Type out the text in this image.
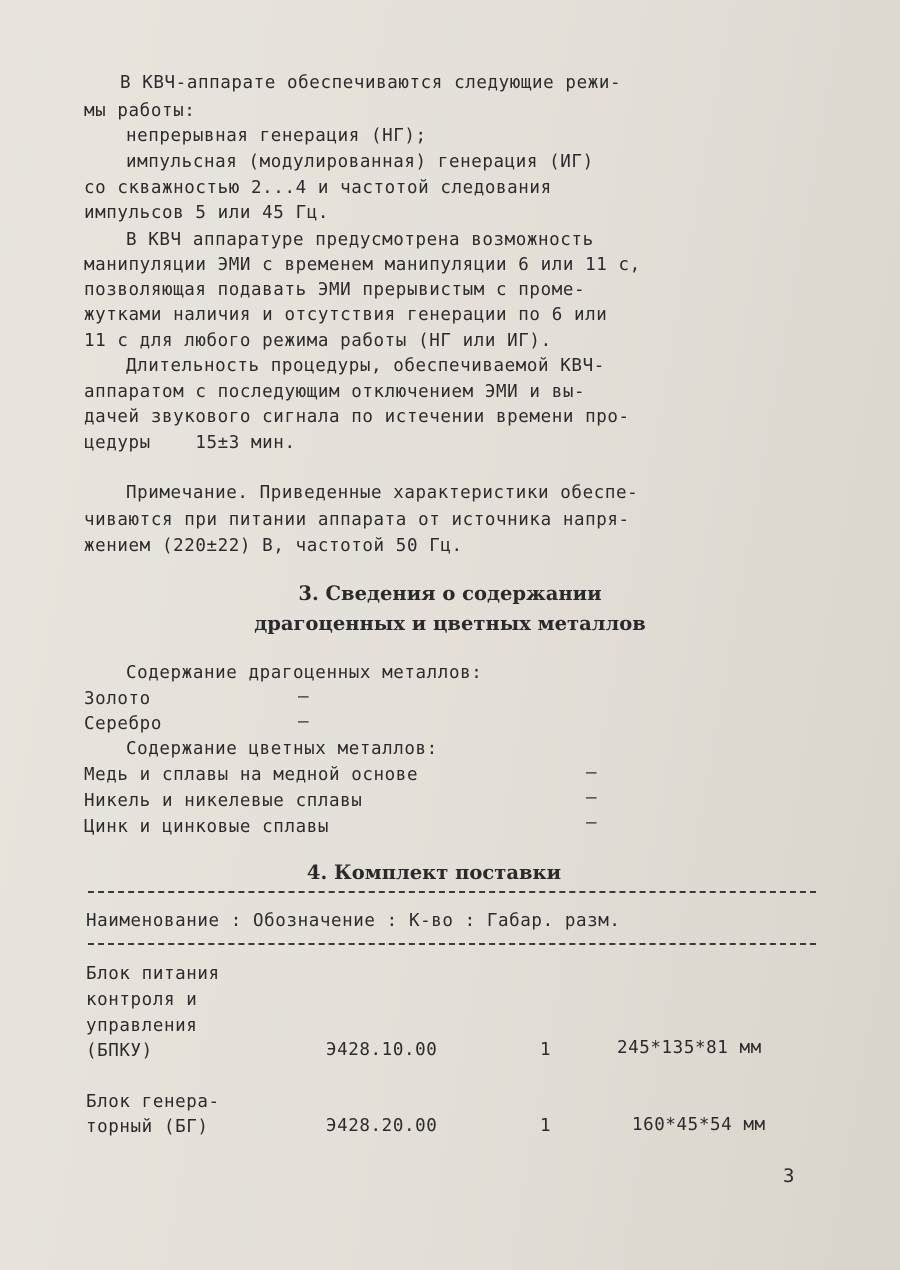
В КВЧ-аппарате обеспечиваются следующие режи-
мы работы:
непрерывная генерация (НГ);
импульсная (модулированная) генерация (ИГ)
со скважностью 2...4 и частотой следования
импульсов 5 или 45 Гц.
В КВЧ аппаратуре предусмотрена возможность
манипуляции ЭМИ с временем манипуляции 6 или 11 с,
позволяющая подавать ЭМИ прерывистым с проме-
жутками наличия и отсутствия генерации по 6 или
11 с для любого режима работы (НГ или ИГ).
Длительность процедуры, обеспечиваемой КВЧ-
аппаратом с последующим отключением ЭМИ и вы-
дачей звукового сигнала по истечении времени про-
цедуры    15±3 мин.
Примечание. Приведенные характеристики обеспе-
чиваются при питании аппарата от источника напря-
жением (220±22) В, частотой 50 Гц.
3. Сведения о содержании
драгоценных и цветных металлов
Содержание драгоценных металлов:
Золото	–
Серебро	–
Содержание цветных металлов:
Медь и сплавы на медной основе	–
Никель и никелевые сплавы	–
Цинк и цинковые сплавы	–
4. Комплект поставки
Наименование : Обозначение : К-во : Габар. разм.
Блок питания
контроля и
управления
(БПКУ)	Э428.10.00	1	245*135*81 мм
Блок генера-
торный (БГ)	Э428.20.00	1	160*45*54 мм
3
